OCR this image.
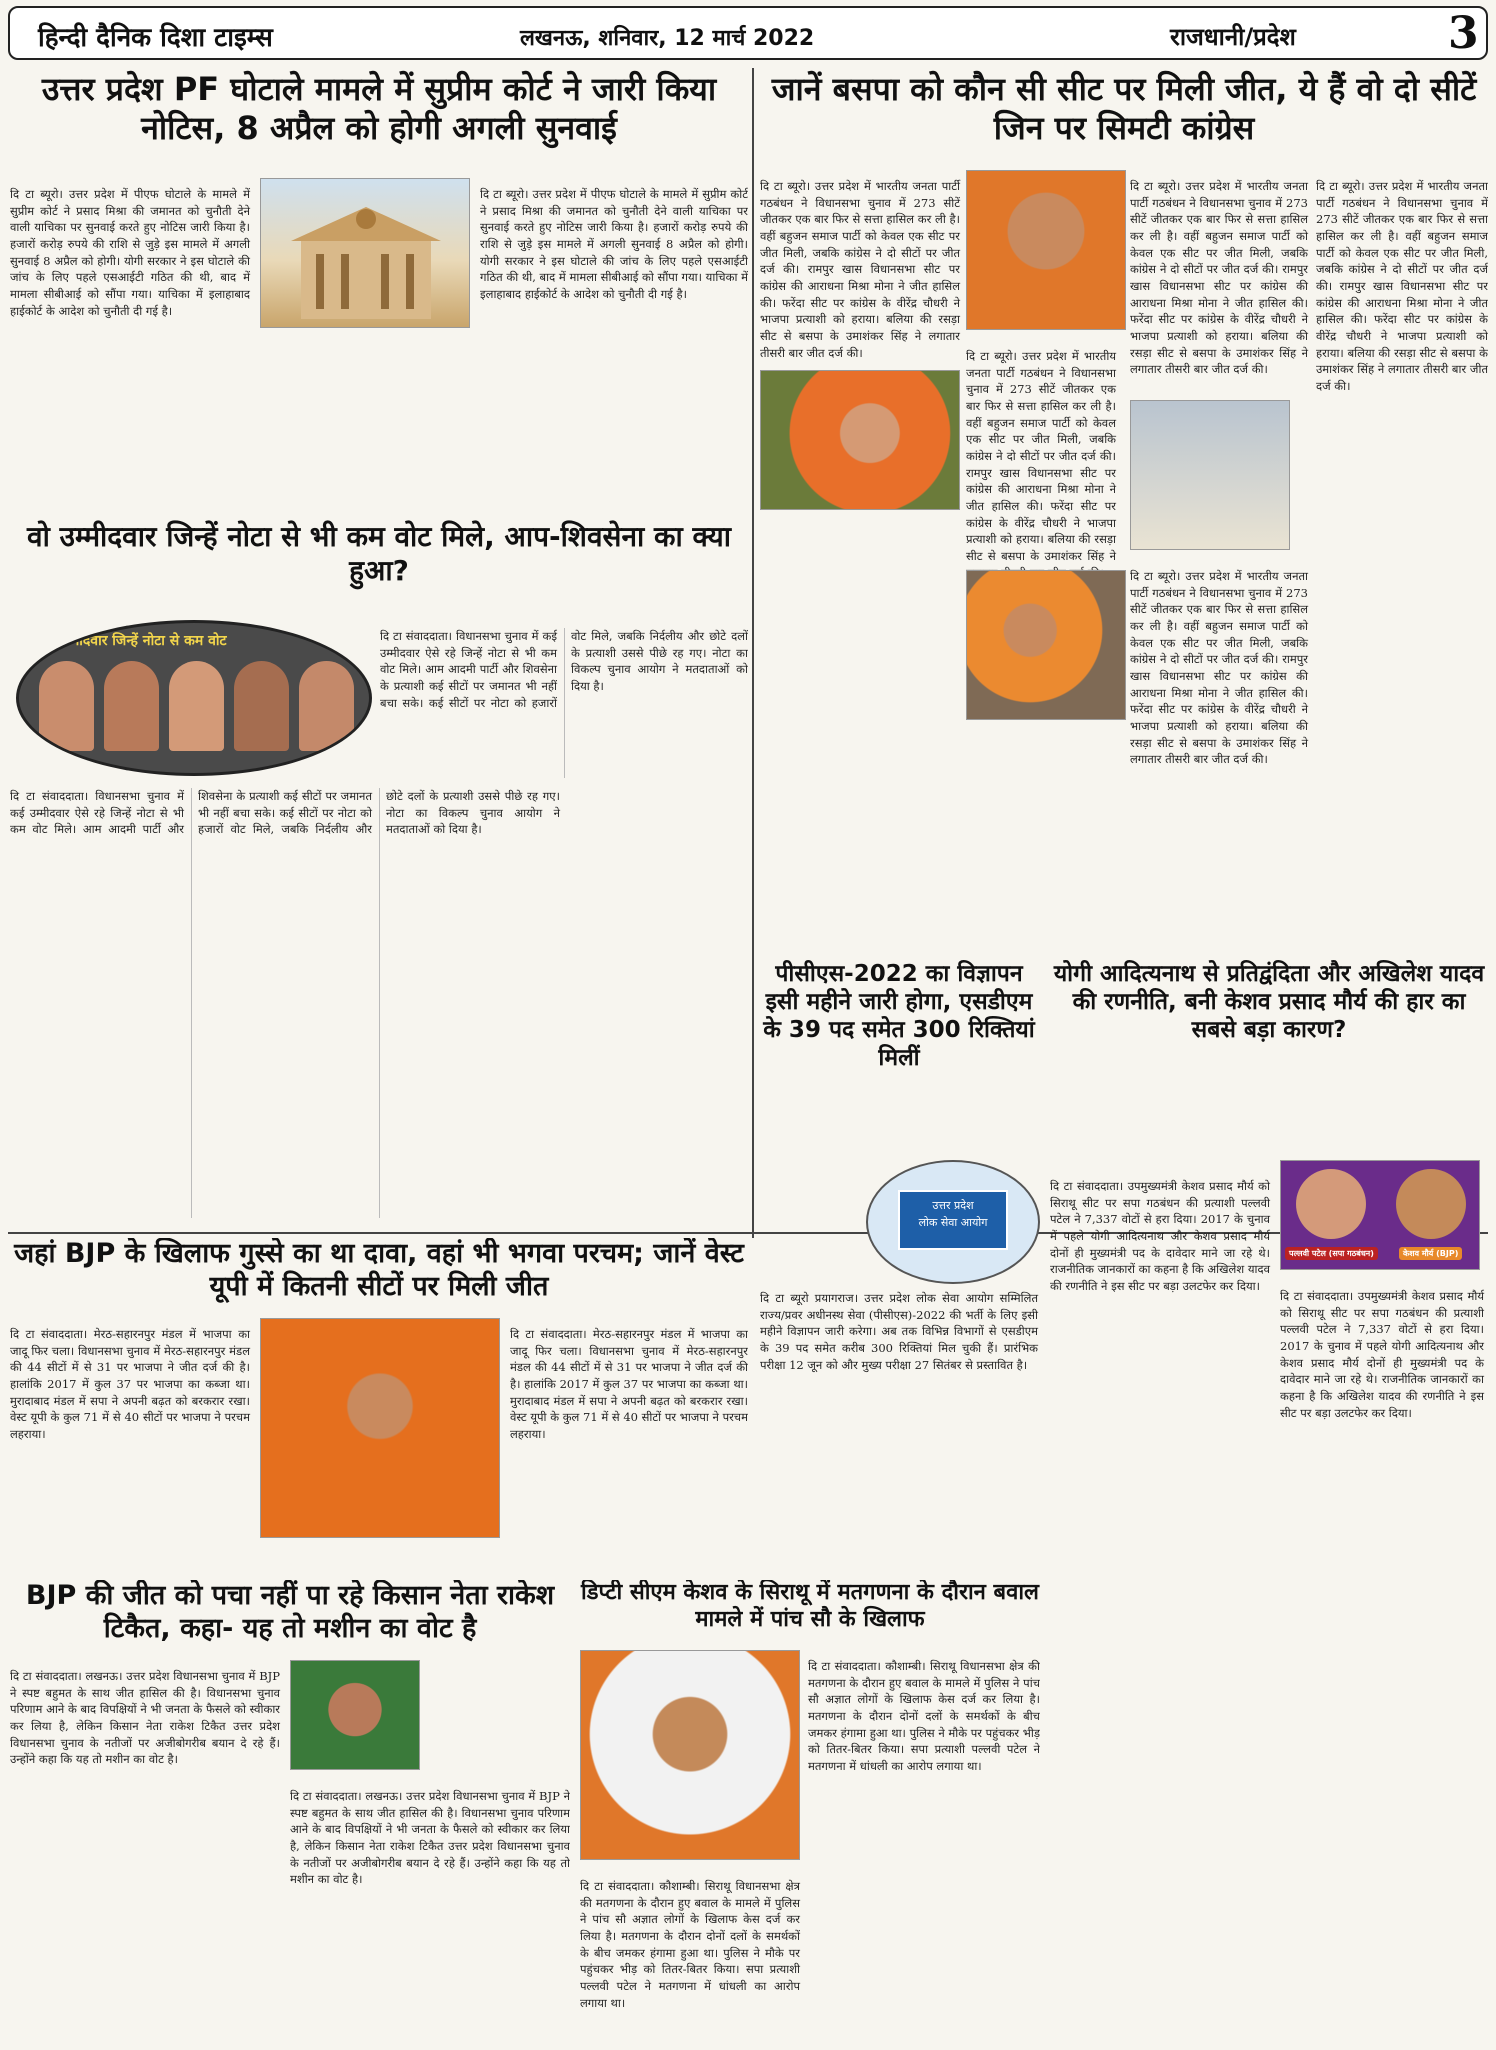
हिन्दी दैनिक दिशा टाइम्स	लखनऊ, शनिवार, 12 मार्च 2022	राजधानी/प्रदेश	3
उत्तर प्रदेश PF घोटाले मामले में सुप्रीम कोर्ट ने जारी किया नोटिस, 8 अप्रैल को होगी अगली सुनवाई
दि टा ब्यूरो। उत्तर प्रदेश में पीएफ घोटाले के मामले में सुप्रीम कोर्ट ने प्रसाद मिश्रा की जमानत को चुनौती देने वाली याचिका पर सुनवाई करते हुए नोटिस जारी किया है। हजारों करोड़ रुपये की राशि से जुड़े इस मामले में अगली सुनवाई 8 अप्रैल को होगी। योगी सरकार ने इस घोटाले की जांच के लिए पहले एसआईटी गठित की थी, बाद में मामला सीबीआई को सौंपा गया। याचिका में इलाहाबाद हाईकोर्ट के आदेश को चुनौती दी गई है।
दि टा ब्यूरो। उत्तर प्रदेश में पीएफ घोटाले के मामले में सुप्रीम कोर्ट ने प्रसाद मिश्रा की जमानत को चुनौती देने वाली याचिका पर सुनवाई करते हुए नोटिस जारी किया है। हजारों करोड़ रुपये की राशि से जुड़े इस मामले में अगली सुनवाई 8 अप्रैल को होगी। योगी सरकार ने इस घोटाले की जांच के लिए पहले एसआईटी गठित की थी, बाद में मामला सीबीआई को सौंपा गया। याचिका में इलाहाबाद हाईकोर्ट के आदेश को चुनौती दी गई है।
वो उम्मीदवार जिन्हें नोटा से भी कम वोट मिले, आप-शिवसेना का क्या हुआ?
उम्मीदवार जिन्हें नोटा से कम वोट	दि टा संवाददाता। विधानसभा चुनाव में कई उम्मीदवार ऐसे रहे जिन्हें नोटा से भी कम वोट मिले। आम आदमी पार्टी और शिवसेना के प्रत्याशी कई सीटों पर जमानत भी नहीं बचा सके। कई सीटों पर नोटा को हजारों वोट मिले, जबकि निर्दलीय और छोटे दलों के प्रत्याशी उससे पीछे रह गए। नोटा का विकल्प चुनाव आयोग ने मतदाताओं को दिया है।
दि टा संवाददाता। विधानसभा चुनाव में कई उम्मीदवार ऐसे रहे जिन्हें नोटा से भी कम वोट मिले। आम आदमी पार्टी और शिवसेना के प्रत्याशी कई सीटों पर जमानत भी नहीं बचा सके। कई सीटों पर नोटा को हजारों वोट मिले, जबकि निर्दलीय और छोटे दलों के प्रत्याशी उससे पीछे रह गए। नोटा का विकल्प चुनाव आयोग ने मतदाताओं को दिया है।
जानें बसपा को कौन सी सीट पर मिली जीत, ये हैं वो दो सीटें जिन पर सिमटी कांग्रेस
दि टा ब्यूरो। उत्तर प्रदेश में भारतीय जनता पार्टी गठबंधन ने विधानसभा चुनाव में 273 सीटें जीतकर एक बार फिर से सत्ता हासिल कर ली है। वहीं बहुजन समाज पार्टी को केवल एक सीट पर जीत मिली, जबकि कांग्रेस ने दो सीटों पर जीत दर्ज की। रामपुर खास विधानसभा सीट पर कांग्रेस की आराधना मिश्रा मोना ने जीत हासिल की। फरेंदा सीट पर कांग्रेस के वीरेंद्र चौधरी ने भाजपा प्रत्याशी को हराया। बलिया की रसड़ा सीट से बसपा के उमाशंकर सिंह ने लगातार तीसरी बार जीत दर्ज की।	दि टा ब्यूरो। उत्तर प्रदेश में भारतीय जनता पार्टी गठबंधन ने विधानसभा चुनाव में 273 सीटें जीतकर एक बार फिर से सत्ता हासिल कर ली है। वहीं बहुजन समाज पार्टी को केवल एक सीट पर जीत मिली, जबकि कांग्रेस ने दो सीटों पर जीत दर्ज की। रामपुर खास विधानसभा सीट पर कांग्रेस की आराधना मिश्रा मोना ने जीत हासिल की। फरेंदा सीट पर कांग्रेस के वीरेंद्र चौधरी ने भाजपा प्रत्याशी को हराया। बलिया की रसड़ा सीट से बसपा के उमाशंकर सिंह ने
दि टा ब्यूरो। उत्तर प्रदेश में भारतीय जनता पार्टी गठबंधन ने विधानसभा चुनाव में 273 सीटें जीतकर एक बार फिर से सत्ता हासिल कर ली है। वहीं बहुजन समाज पार्टी को केवल एक सीट पर जीत मिली, जबकि कांग्रेस ने दो सीटों पर जीत दर्ज की। रामपुर खास विधानसभा सीट पर कांग्रेस की आराधना मिश्रा मोना ने जीत हासिल की। फरेंदा सीट पर कांग्रेस के वीरेंद्र चौधरी ने भाजपा प्रत्याशी को हराया। बलिया की रसड़ा सीट से बसपा के उमाशंकर सिंह ने लगातार तीसरी बार जीत दर्ज की।
दि टा ब्यूरो। उत्तर प्रदेश में भारतीय जनता पार्टी गठबंधन ने विधानसभा चुनाव में 273 सीटें जीतकर एक बार फिर से सत्ता हासिल कर ली है। वहीं बहुजन समाज पार्टी को केवल एक सीट पर जीत मिली, जबकि कांग्रेस ने दो सीटों पर जीत दर्ज की। रामपुर खास विधानसभा सीट पर कांग्रेस की आराधना मिश्रा मोना ने जीत हासिल की। फरेंदा सीट पर कांग्रेस के वीरेंद्र चौधरी ने भाजपा प्रत्याशी को हराया। बलिया की रसड़ा सीट से बसपा के उमाशंकर सिंह ने लगातार तीसरी बार जीत दर्ज की।
दि टा ब्यूरो। उत्तर प्रदेश में भारतीय जनता पार्टी गठबंधन ने विधानसभा चुनाव में 273 सीटें जीतकर एक बार फिर से सत्ता हासिल कर ली है। वहीं बहुजन समाज पार्टी को केवल एक सीट पर जीत मिली, जबकि कांग्रेस ने दो सीटों पर जीत दर्ज की। रामपुर खास विधानसभा सीट पर कांग्रेस की आराधना मिश्रा मोना ने जीत हासिल की। फरेंदा सीट पर कांग्रेस के वीरेंद्र चौधरी ने भाजपा प्रत्याशी को हराया। बलिया की रसड़ा सीट से बसपा के उमाशंकर सिंह ने लगातार तीसरी बार जीत दर्ज की।
पीसीएस-2022 का विज्ञापन इसी महीने जारी होगा, एसडीएम के 39 पद समेत 300 रिक्तियां मिलीं
उत्तर प्रदेश
लोक सेवा आयोग
योगी आदित्यनाथ से प्रतिद्वंदिता और अखिलेश यादव की रणनीति, बनी केशव प्रसाद मौर्य की हार का सबसे बड़ा कारण?
पल्लवी पटेल (सपा गठबंधन)	केशव मौर्य (BJP)
जहां BJP के खिलाफ गुस्से का था दावा, वहां भी भगवा परचम; जानें वेस्ट यूपी में कितनी सीटों पर मिली जीत
दि टा संवाददाता। मेरठ-सहारनपुर मंडल में भाजपा का जादू फिर चला। विधानसभा चुनाव में मेरठ-सहारनपुर मंडल की 44 सीटों में से 31 पर भाजपा ने जीत दर्ज की है। हालांकि 2017 में कुल 37 पर भाजपा का कब्जा था। मुरादाबाद मंडल में सपा ने अपनी बढ़त को बरकरार रखा। वेस्ट यूपी के कुल 71 में से 40 सीटों पर भाजपा ने परचम लहराया।
दि टा संवाददाता। मेरठ-सहारनपुर मंडल में भाजपा का जादू फिर चला। विधानसभा चुनाव में मेरठ-सहारनपुर मंडल की 44 सीटों में से 31 पर भाजपा ने जीत दर्ज की है। हालांकि 2017 में कुल 37 पर भाजपा का कब्जा था। मुरादाबाद मंडल में सपा ने अपनी बढ़त को बरकरार रखा। वेस्ट यूपी के कुल 71 में से 40 सीटों पर भाजपा ने परचम लहराया।
दि टा ब्यूरो प्रयागराज। उत्तर प्रदेश लोक सेवा आयोग सम्मिलित राज्य/प्रवर अधीनस्थ सेवा (पीसीएस)-2022 की भर्ती के लिए इसी महीने विज्ञापन जारी करेगा। अब तक विभिन्न विभागों से एसडीएम के 39 पद समेत करीब 300 रिक्तियां मिल चुकी हैं। प्रारंभिक परीक्षा 12 जून को और मुख्य परीक्षा 27 सितंबर से प्रस्तावित है।
दि टा संवाददाता। उपमुख्यमंत्री केशव प्रसाद मौर्य को सिराथू सीट पर सपा गठबंधन की प्रत्याशी पल्लवी पटेल ने 7,337 वोटों से हरा दिया। 2017 के चुनाव में पहले योगी आदित्यनाथ और केशव प्रसाद मौर्य दोनों ही मुख्यमंत्री पद के दावेदार माने जा रहे थे। राजनीतिक जानकारों का कहना है कि अखिलेश यादव की रणनीति ने इस सीट पर बड़ा उलटफेर कर दिया।
दि टा संवाददाता। उपमुख्यमंत्री केशव प्रसाद मौर्य को सिराथू सीट पर सपा गठबंधन की प्रत्याशी पल्लवी पटेल ने 7,337 वोटों से हरा दिया। 2017 के चुनाव में पहले योगी आदित्यनाथ और केशव प्रसाद मौर्य दोनों ही मुख्यमंत्री पद के दावेदार माने जा रहे थे। राजनीतिक जानकारों का कहना है कि अखिलेश यादव की रणनीति ने इस सीट पर बड़ा उलटफेर कर दिया।
BJP की जीत को पचा नहीं पा रहे किसान नेता राकेश टिकैत, कहा- यह तो मशीन का वोट है
दि टा संवाददाता। लखनऊ। उत्तर प्रदेश विधानसभा चुनाव में BJP ने स्पष्ट बहुमत के साथ जीत हासिल की है। विधानसभा चुनाव परिणाम आने के बाद विपक्षियों ने भी जनता के फैसले को स्वीकार कर लिया है, लेकिन किसान नेता राकेश टिकैत उत्तर प्रदेश विधानसभा चुनाव के नतीजों पर अजीबोगरीब बयान दे रहे हैं। उन्होंने कहा कि यह तो मशीन का वोट है।
दि टा संवाददाता। लखनऊ। उत्तर प्रदेश विधानसभा चुनाव में BJP ने स्पष्ट बहुमत के साथ जीत हासिल की है। विधानसभा चुनाव परिणाम आने के बाद विपक्षियों ने भी जनता के फैसले को स्वीकार कर लिया है, लेकिन किसान नेता राकेश टिकैत उत्तर प्रदेश विधानसभा चुनाव के नतीजों पर अजीबोगरीब बयान दे रहे हैं। उन्होंने कहा कि यह तो मशीन का वोट है।
डिप्टी सीएम केशव के सिराथू में मतगणना के दौरान बवाल मामले में पांच सौ के खिलाफ
दि टा संवाददाता। कौशाम्बी। सिराथू विधानसभा क्षेत्र की मतगणना के दौरान हुए बवाल के मामले में पुलिस ने पांच सौ अज्ञात लोगों के खिलाफ केस दर्ज कर लिया है। मतगणना के दौरान दोनों दलों के समर्थकों के बीच जमकर हंगामा हुआ था। पुलिस ने मौके पर पहुंचकर भीड़ को तितर-बितर किया। सपा प्रत्याशी पल्लवी पटेल ने मतगणना में धांधली का आरोप लगाया था।
दि टा संवाददाता। कौशाम्बी। सिराथू विधानसभा क्षेत्र की मतगणना के दौरान हुए बवाल के मामले में पुलिस ने पांच सौ अज्ञात लोगों के खिलाफ केस दर्ज कर लिया है। मतगणना के दौरान दोनों दलों के समर्थकों के बीच जमकर हंगामा हुआ था। पुलिस ने मौके पर पहुंचकर भीड़ को तितर-बितर किया। सपा प्रत्याशी पल्लवी पटेल ने मतगणना में धांधली का आरोप लगाया था।
